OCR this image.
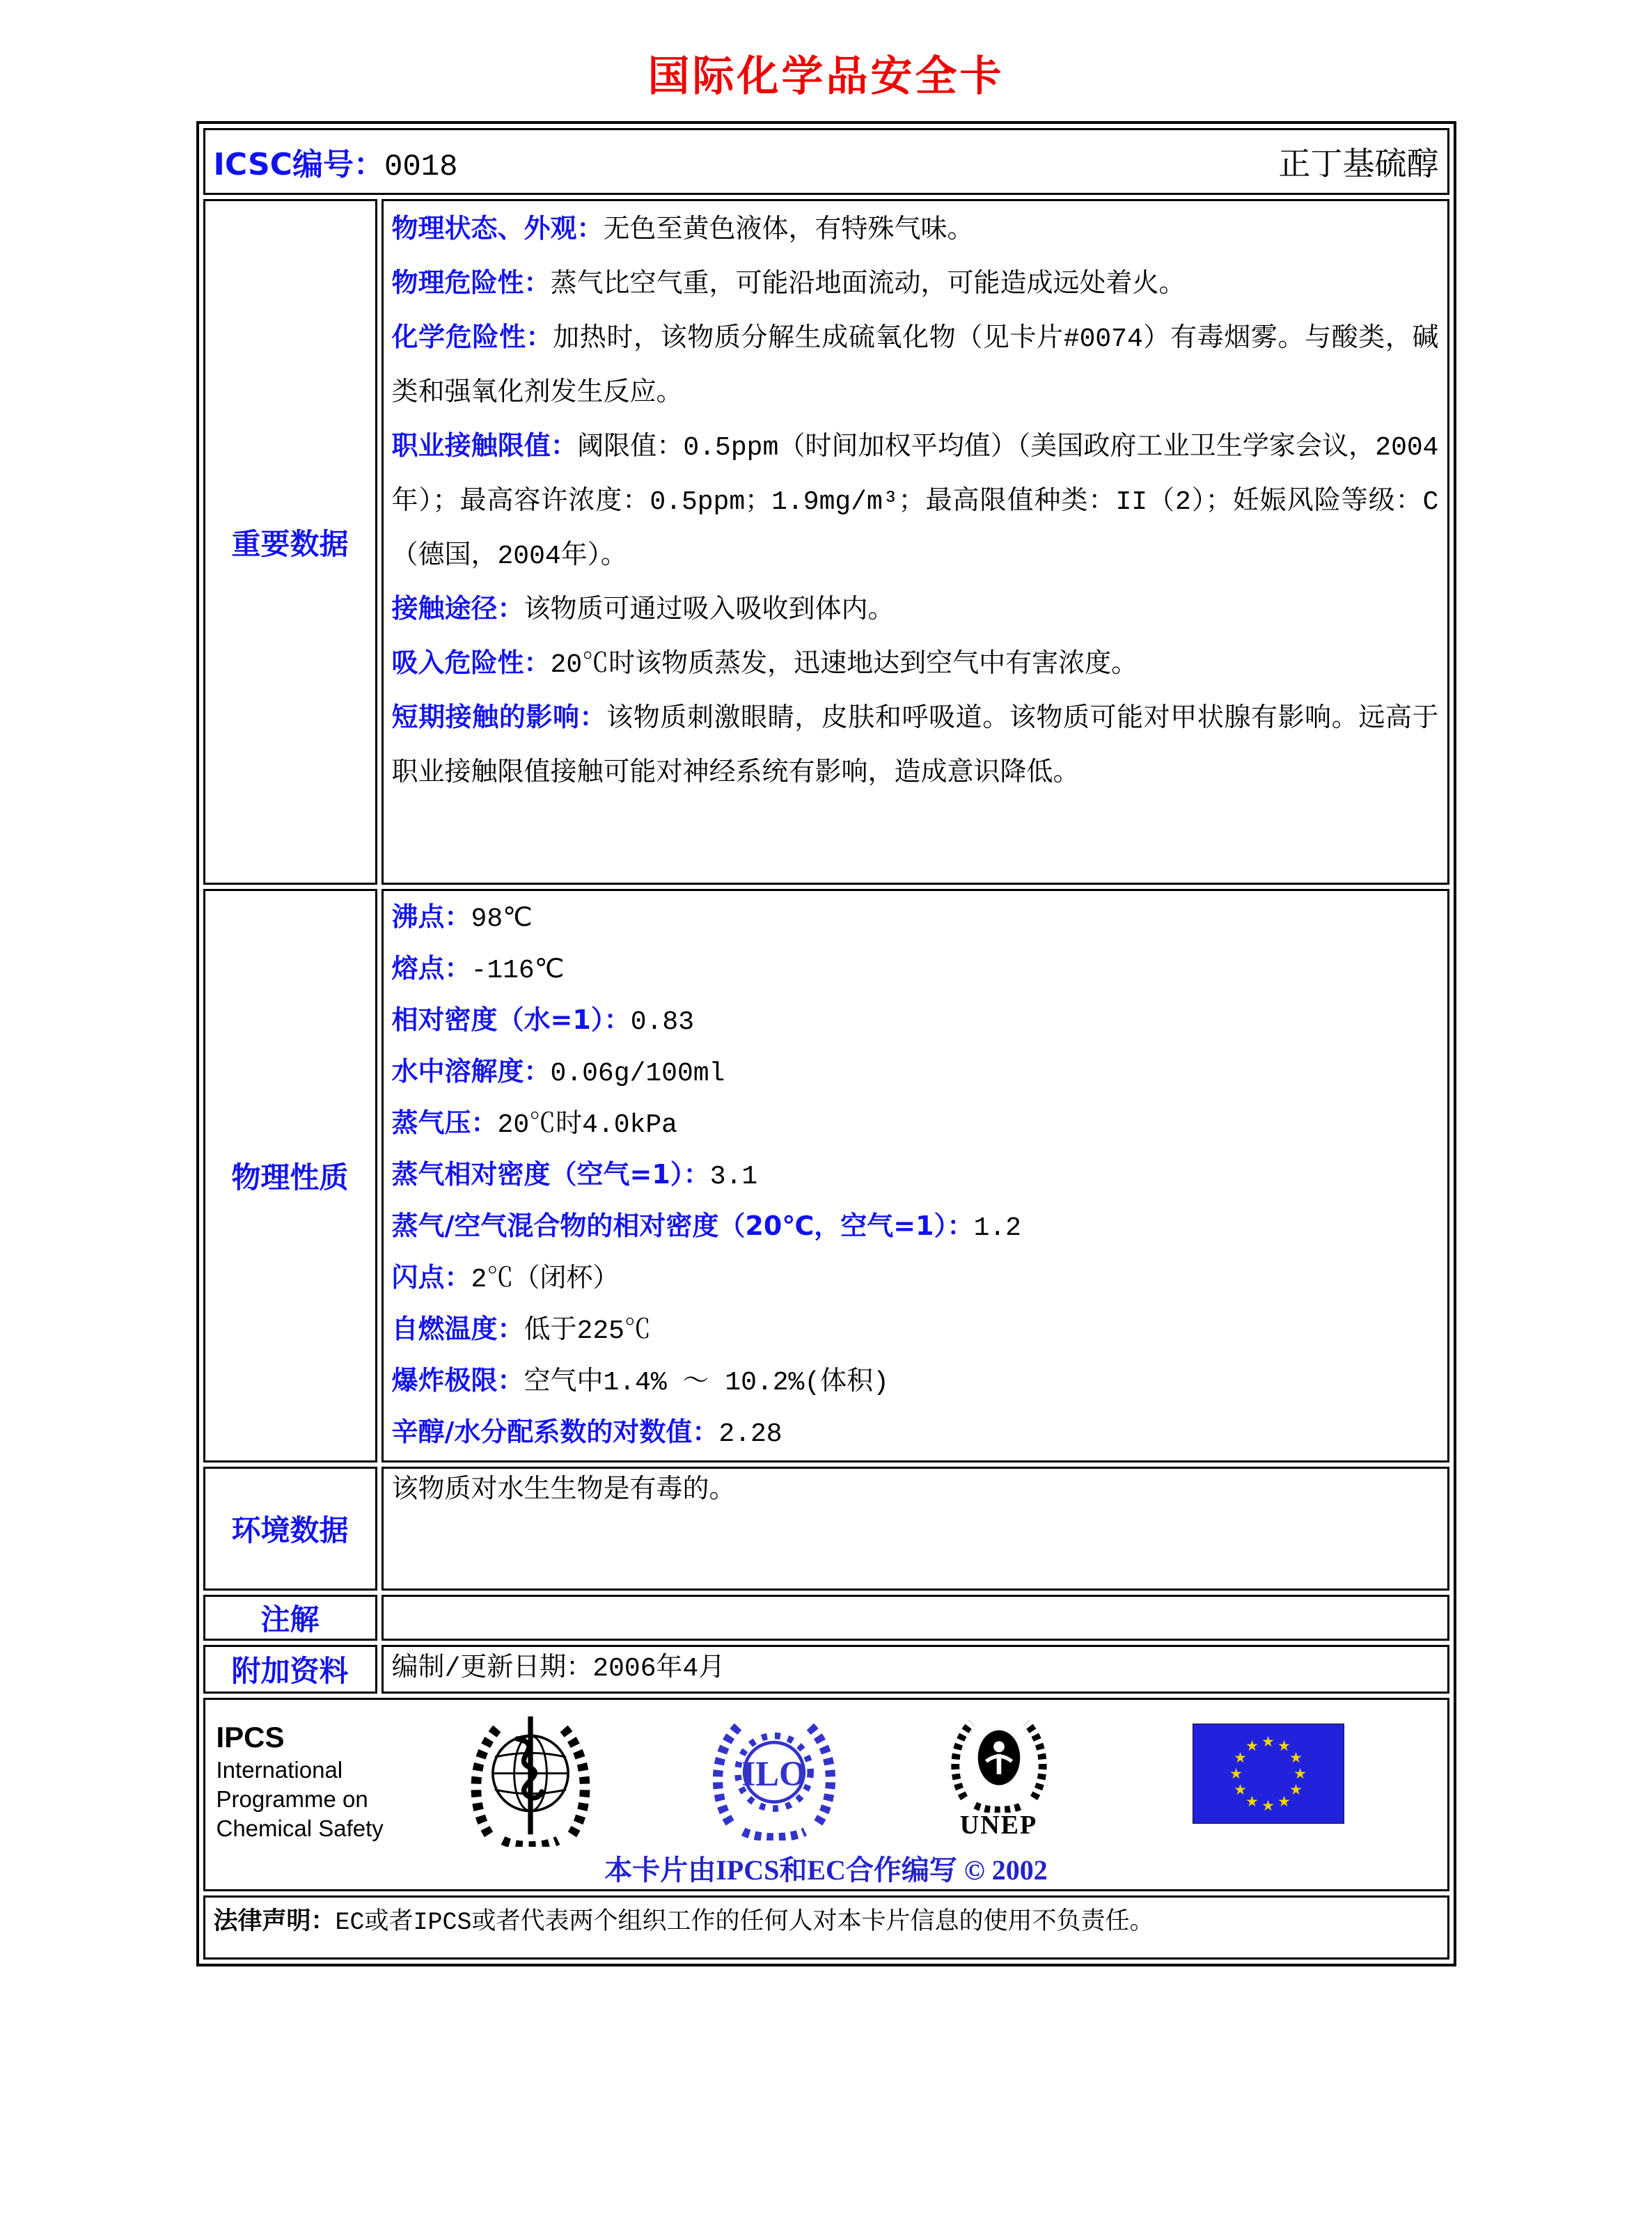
国际化学品安全卡
ICSC编号：0018 正丁基硫醇	

重要数据	
物理状态、外观：无色至黄色液体，有特殊气味。
物理危险性：蒸气比空气重，可能沿地面流动，可能造成远处着火。
化学危险性：加热时，该物质分解生成硫氧化物（见卡片#0074）有毒烟雾。与酸类，碱类和强氧化剂发生反应。
职业接触限值：阈限值：0.5ppm（时间加权平均值）（美国政府工业卫生学家会议，2004年）；最高容许浓度：0.5ppm；1.9mg/m³；最高限值种类：II（2）；妊娠风险等级：C（德国，2004年）。
接触途径：该物质可通过吸入吸收到体内。
吸入危险性：20℃时该物质蒸发，迅速地达到空气中有害浓度。
短期接触的影响：该物质刺激眼睛，皮肤和呼吸道。该物质可能对甲状腺有影响。远高于职业接触限值接触可能对神经系统有影响，造成意识降低。

物理性质	
沸点：98℃
熔点：-116℃
相对密度（水=1）：0.83
水中溶解度：0.06g/100ml
蒸气压：20℃时4.0kPa
蒸气相对密度（空气=1）：3.1
蒸气/空气混合物的相对密度（20℃，空气=1）：1.2
闪点：2℃（闭杯）
自燃温度：低于225℃
爆炸极限：空气中1.4% ～ 10.2%(体积)
辛醇/水分配系数的对数值：2.28

环境数据	该物质对水生生物是有毒的。

注解	

附加资料	编制/更新日期：2006年4月

IPCS
International
Programme on
Chemical Safety
ILO
UNEP
★ ★
★
★
★
★
★
★
★
★
★
★
本卡片由IPCS和EC合作编写 © 2002

法律声明：EC或者IPCS或者代表两个组织工作的任何人对本卡片信息的使用不负责任。	
